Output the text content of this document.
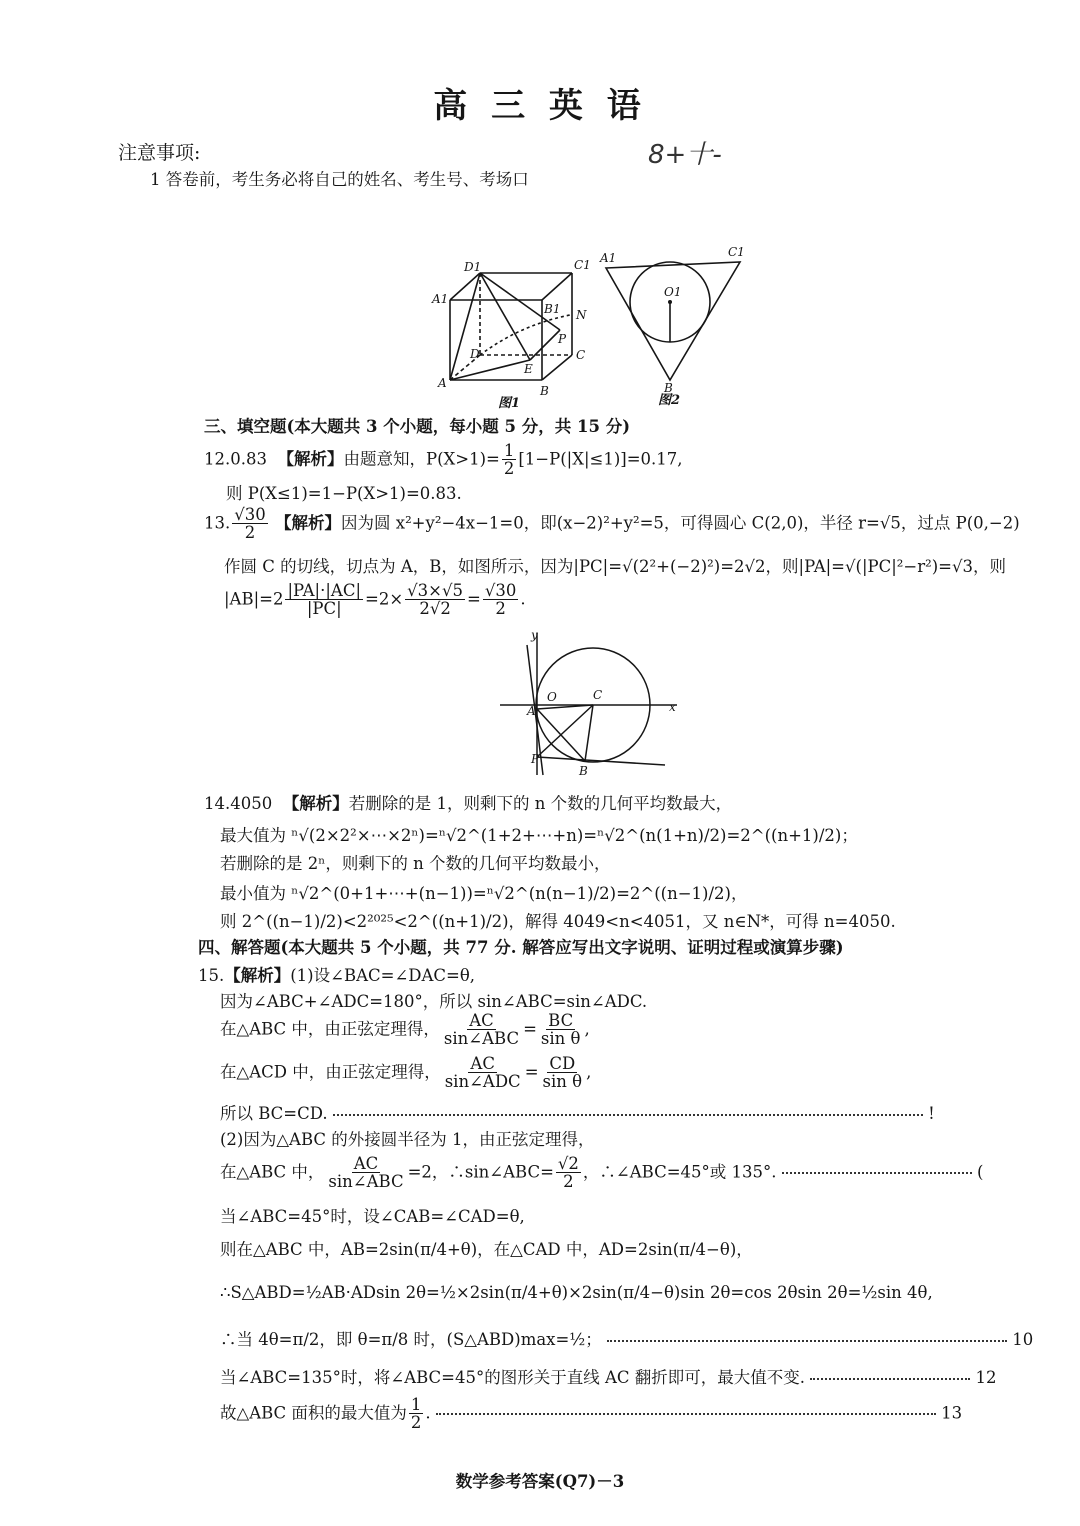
高 三 英 语
注意事项:	8+十-
1 答卷前，考生务必将自己的姓名、考生号、考场口
D1	C1
A1
B1 N
P
D	C
E
A
B
图1
A1	C1
O1
B
图2
三、填空题(本大题共 3 个小题，每小题 5 分，共 15 分)
12.0.83 【解析】由题意知，$P(X>1)= \frac{1}{2} [1-P(|X|\le 1)]=0.17$,
则 P(X≤1)=1−P(X>1)=0.83.
13. $\frac{√30}{2}$ 【解析】因为圆 x²+y²−4x−1=0，即(x−2)²+y²=5，可得圆心 C(2,0)，半径 r=√5，过点 P(0,−2)
作圆 C 的切线，切点为 A，B，如图所示，因为|PC|=√(2²+(−2)²)=2√2，则|PA|=√(|PC|²−r²)=√3，则
$|AB|=2 \frac{|PA|\cdot|AC|}{|PC|} =2\times \frac{√3\times√5}{2√2} = \frac{√30}{2}$ .
y
O	C
x
A
P
B
14.4050 【解析】若删除的是 1，则剩下的 n 个数的几何平均数最大，
最大值为 ⁿ√(2×2²×⋯×2ⁿ)=ⁿ√2^(1+2+⋯+n)=ⁿ√2^(n(1+n)/2)=2^((n+1)/2)；
若删除的是 2ⁿ，则剩下的 n 个数的几何平均数最小，
最小值为 ⁿ√2^(0+1+⋯+(n−1))=ⁿ√2^(n(n−1)/2)=2^((n−1)/2)，
则 2^((n−1)/2)<2²⁰²⁵<2^((n+1)/2)，解得 4049<n<4051，又 n∈N*，可得 n=4050.
四、解答题(本大题共 5 个小题，共 77 分. 解答应写出文字说明、证明过程或演算步骤)
15.【解析】(1)设∠BAC=∠DAC=θ,
因为∠ABC+∠ADC=180°，所以 sin∠ABC=sin∠ADC.
在△ABC 中，由正弦定理得， $\frac{AC}{\text{sin∠ABC}} = \frac{BC}{\text{sin θ}}$ ,
在△ACD 中，由正弦定理得， $\frac{AC}{\text{sin∠ADC}} = \frac{CD}{\text{sin θ}}$ ,
所以 BC=CD.	!
(2)因为△ABC 的外接圆半径为 1，由正弦定理得，
在△ABC 中， $\frac{AC}{\text{sin∠ABC}} =2$，∴sin∠ABC= $\frac{√2}{2}$ ，∴∠ABC=45°或 135°.	(
当∠ABC=45°时，设∠CAB=∠CAD=θ,
则在△ABC 中，AB=2sin(π/4+θ)，在△CAD 中，AD=2sin(π/4−θ)，
∴S△ABD=½AB·ADsin 2θ=½×2sin(π/4+θ)×2sin(π/4−θ)sin 2θ=cos 2θsin 2θ=½sin 4θ,
∴当 4θ=π/2，即 θ=π/8 时，(S△ABD)max=½；	10
当∠ABC=135°时，将∠ABC=45°的图形关于直线 AC 翻折即可，最大值不变.	12
故△ABC 面积的最大值为 $\frac{1}{2}$ .	13
数学参考答案(Q7)－3
